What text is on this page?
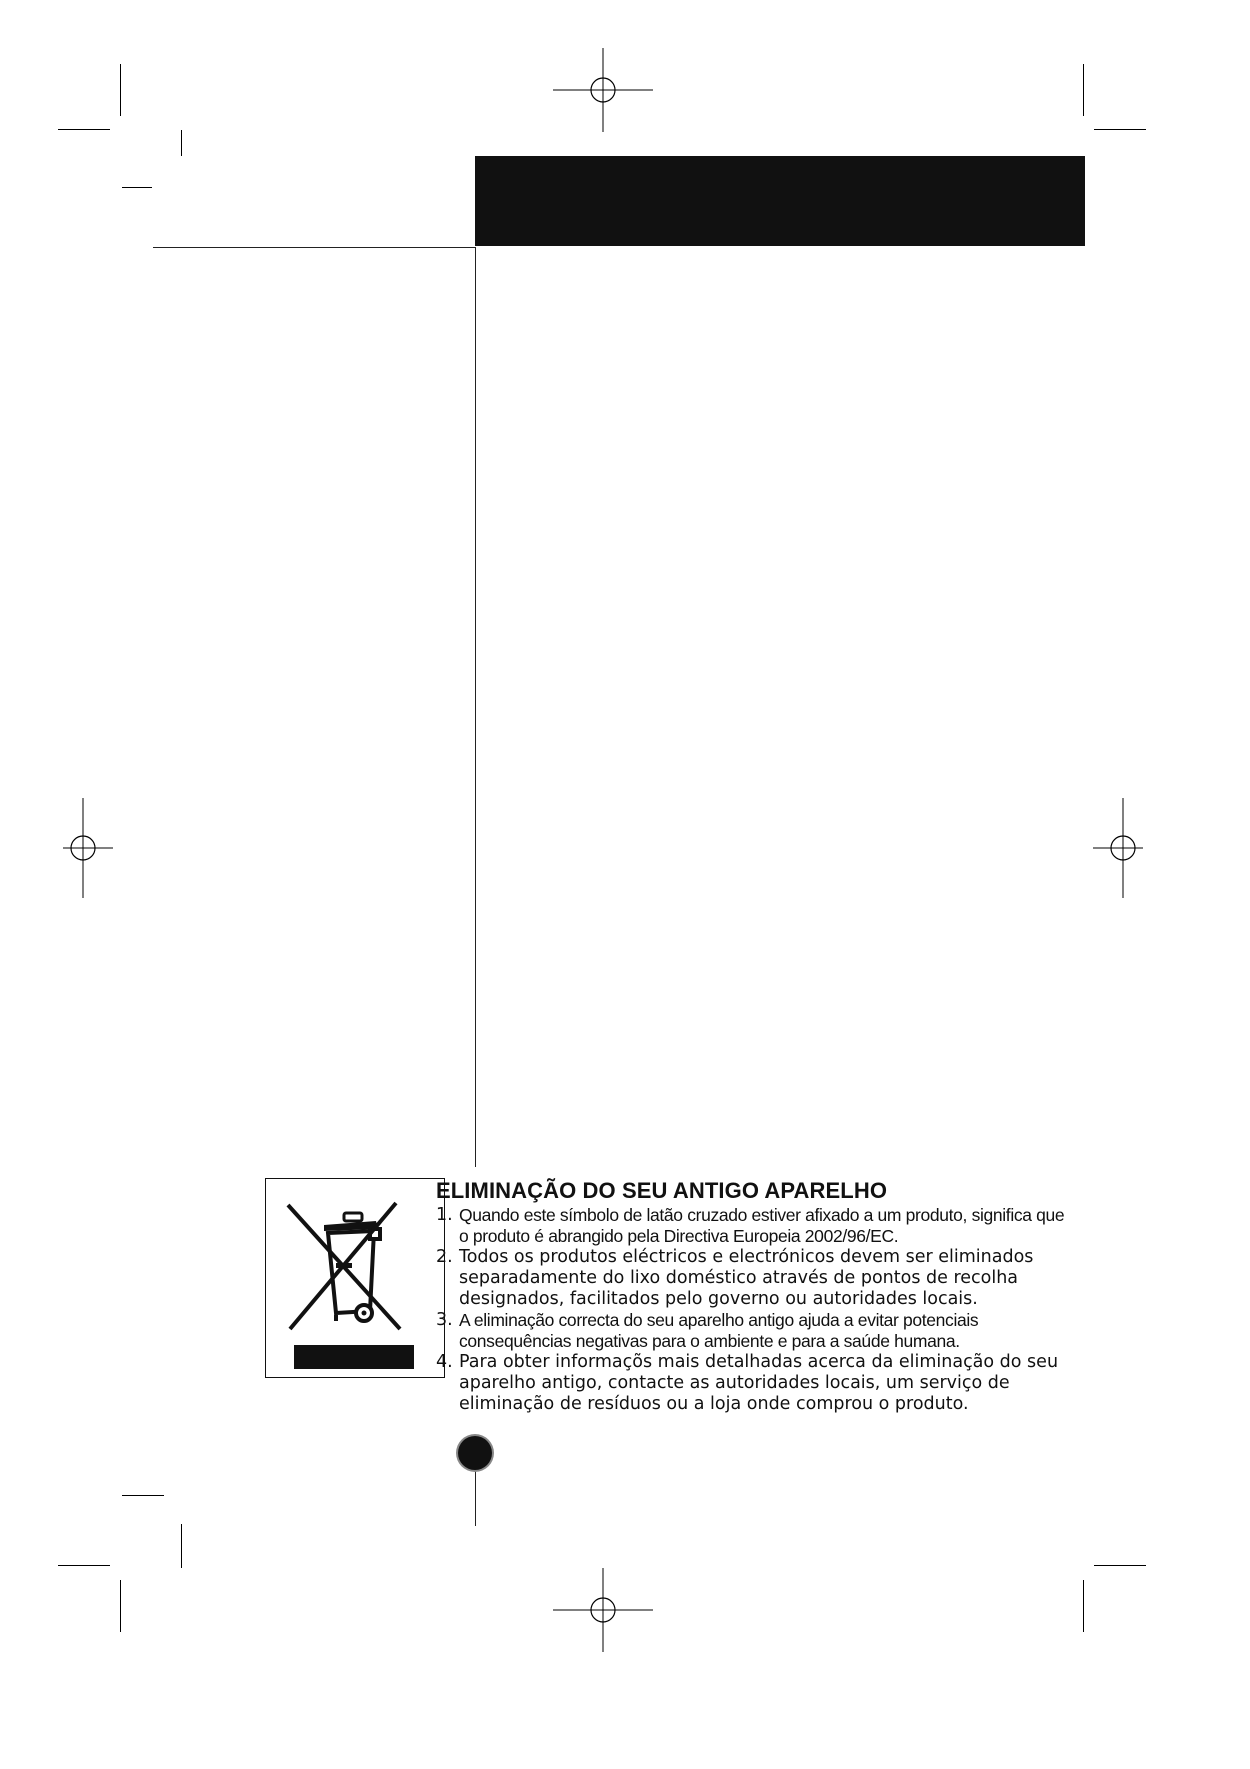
ELIMINAÇÃO DO SEU ANTIGO APARELHO
1. Quando este símbolo de latão cruzado estiver afixado a um produto, significa que o produto é abrangido pela Directiva Europeia 2002/96/EC.
2. Todos os produtos eléctricos e electrónicos devem ser eliminados separadamente do lixo doméstico através de pontos de recolha designados, facilitados pelo governo ou autoridades locais.
3. A eliminação correcta do seu aparelho antigo ajuda a evitar potenciais consequências negativas para o ambiente e para a saúde humana.
4. Para obter informaçõs mais detalhadas acerca da eliminação do seu aparelho antigo, contacte as autoridades locais, um serviço de eliminação de resíduos ou a loja onde comprou o produto.
